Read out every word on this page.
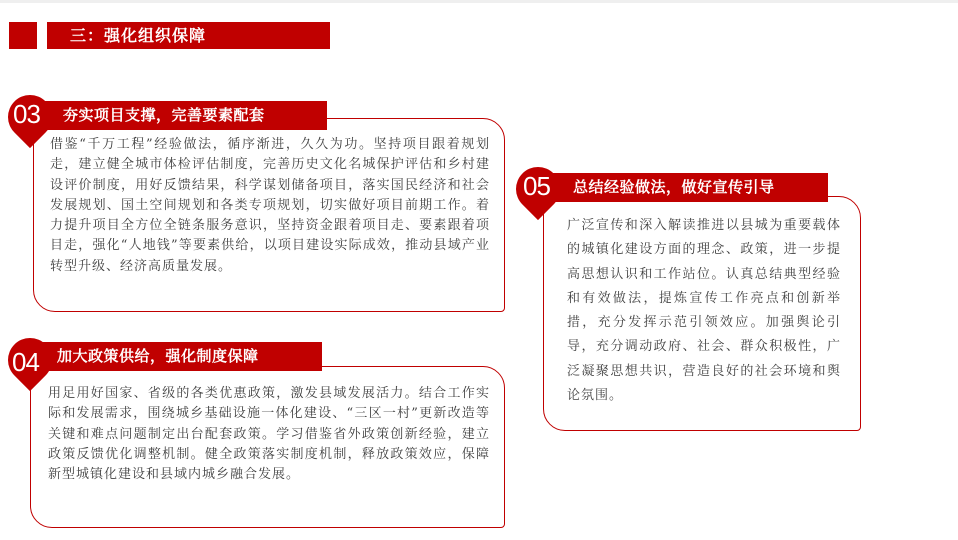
三：强化组织保障
借鉴“千万工程”经验做法，循序渐进，久久为功。坚持项目跟着规划走，建立健全城市体检评估制度，完善历史文化名城保护评估和乡村建设评价制度，用好反馈结果，科学谋划储备项目，落实国民经济和社会发展规划、国土空间规划和各类专项规划，切实做好项目前期工作。着力提升项目全方位全链条服务意识，坚持资金跟着项目走、要素跟着项目走，强化“人地钱”等要素供给，以项目建设实际成效，推动县域产业转型升级、经济高质量发展。
夯实项目支撑，完善要素配套
03
用足用好国家、省级的各类优惠政策，激发县域发展活力。结合工作实际和发展需求，围绕城乡基础设施一体化建设、“三区一村”更新改造等关键和难点问题制定出台配套政策。学习借鉴省外政策创新经验，建立政策反馈优化调整机制。健全政策落实制度机制，释放政策效应，保障新型城镇化建设和县域内城乡融合发展。
加大政策供给，强化制度保障
04
广泛宣传和深入解读推进以县城为重要载体的城镇化建设方面的理念、政策，进一步提高思想认识和工作站位。认真总结典型经验和有效做法，提炼宣传工作亮点和创新举措，充分发挥示范引领效应。加强舆论引导，充分调动政府、社会、群众积极性，广泛凝聚思想共识，营造良好的社会环境和舆论氛围。
总结经验做法，做好宣传引导
05
